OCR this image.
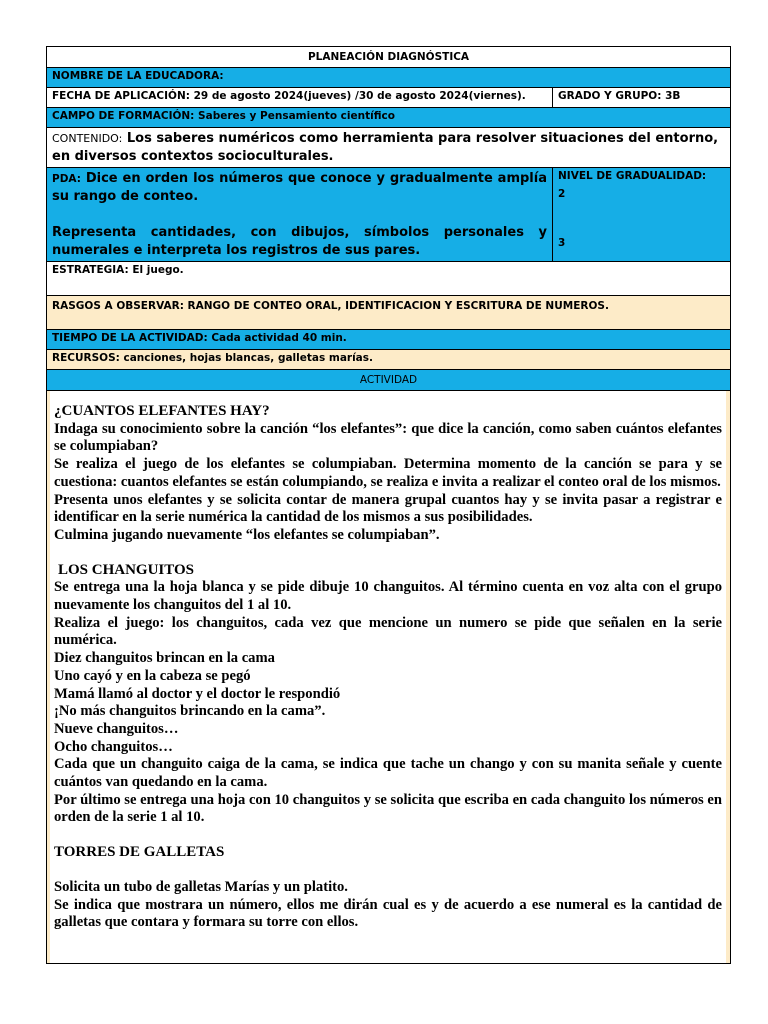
PLANEACIÓN DIAGNÓSTICA
NOMBRE DE LA EDUCADORA:
FECHA DE APLICACIÓN: 29 de agosto 2024(jueves) /30 de agosto 2024(viernes).	GRADO Y GRUPO: 3B
CAMPO DE FORMACIÓN: Saberes y Pensamiento científico
CONTENIDO: Los saberes numéricos como herramienta para resolver situaciones del entorno, en diversos contextos socioculturales.
PDA: Dice en orden los números que conoce y gradualmente amplía su rango de conteo.
Representa cantidades, con dibujos, símbolos personales y numerales e interpreta los registros de sus pares.
NIVEL DE GRADUALIDAD:
2
3
ESTRATEGIA: El juego.
RASGOS A OBSERVAR: RANGO DE CONTEO ORAL, IDENTIFICACION Y ESCRITURA DE NUMEROS.
TIEMPO DE LA ACTIVIDAD: Cada actividad 40 min.
RECURSOS: canciones, hojas blancas, galletas marías.
ACTIVIDAD

¿CUANTOS ELEFANTES HAY?

Indaga su conocimiento sobre la canción “los elefantes”: que dice la canción, como saben cuántos elefantes se columpiaban?

Se realiza el juego de los elefantes se columpiaban. Determina momento de la canción se para y se cuestiona: cuantos elefantes se están columpiando, se realiza e invita a realizar el conteo oral de los mismos.

Presenta unos elefantes y se solicita contar de manera grupal cuantos hay y se invita pasar a registrar e identificar en la serie numérica la cantidad de los mismos a sus posibilidades.

Culmina jugando nuevamente “los elefantes se columpiaban”.

LOS CHANGUITOS

Se entrega una la hoja blanca y se pide dibuje 10 changuitos. Al término cuenta en voz alta con el grupo nuevamente los changuitos del 1 al 10.

Realiza el juego: los changuitos, cada vez que mencione un numero se pide que señalen en la serie numérica.

Diez changuitos brincan en la cama

Uno cayó y en la cabeza se pegó

Mamá llamó al doctor y el doctor le respondió

¡No más changuitos brincando en la cama”.

Nueve changuitos…

Ocho changuitos…

Cada que un changuito caiga de la cama, se indica que tache un chango y con su manita señale y cuente cuántos van quedando en la cama.

Por último se entrega una hoja con 10 changuitos y se solicita que escriba en cada changuito los números en orden de la serie 1 al 10.

TORRES DE GALLETAS

Solicita un tubo de galletas Marías y un platito.

Se indica que mostrara un número, ellos me dirán cual es y de acuerdo a ese numeral es la cantidad de galletas que contara y formara su torre con ellos.
